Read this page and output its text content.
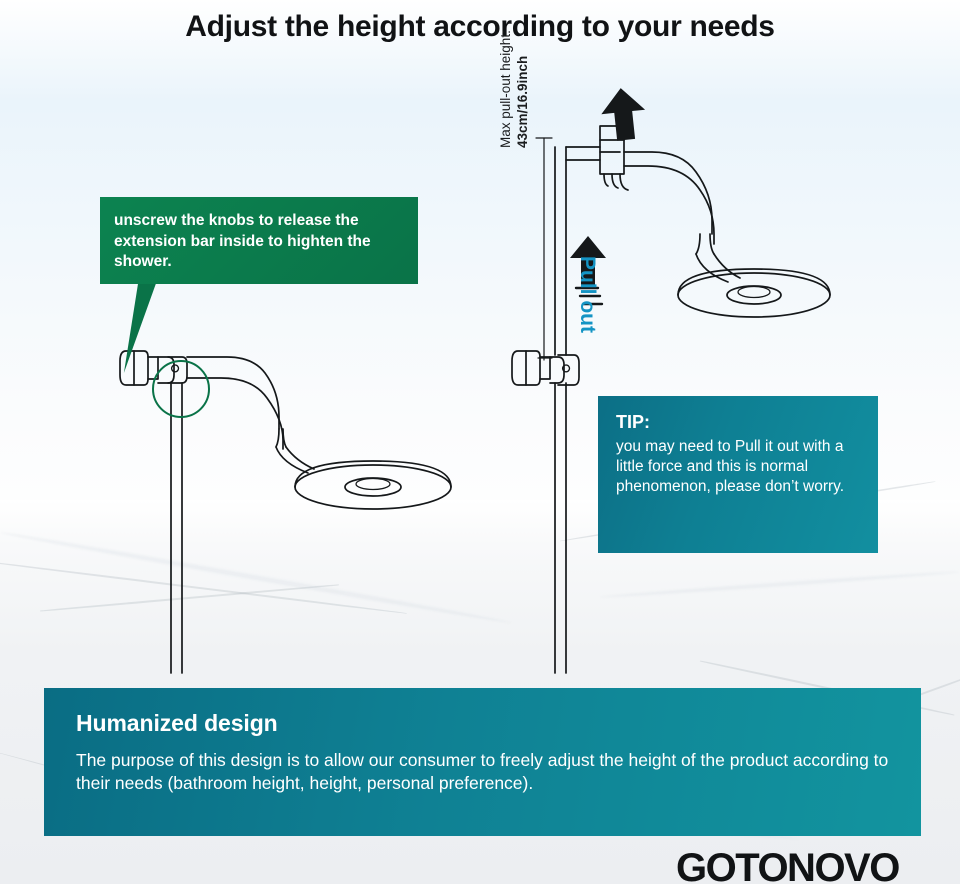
Adjust the height according to your needs
unscrew the knobs to release the extension bar inside to highten the shower.
Max pull-out height: 43cm/16.9inch
Pull out
TIP:
you may need to Pull it out with a little force and this is normal phenomenon, please don’t worry.
Humanized design
The purpose of this design is to allow our consumer to freely adjust the height of the product according to their needs (bathroom height, height, personal preference).
GOTONOVO
